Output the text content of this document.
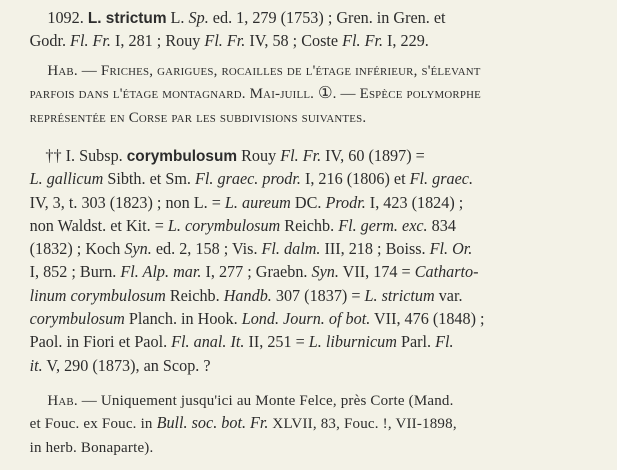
1092. L. strictum L. Sp. ed. 1, 279 (1753) ; Gren. in Gren. et
Godr. Fl. Fr. I, 281 ; Rouy Fl. Fr. IV, 58 ; Coste Fl. Fr. I, 229.
Hab. — Friches, garigues, rocailles de l'étage inférieur, s'élevant
parfois dans l'étage montagnard. Mai-juill. ①. — Espèce polymorphe
représentée en Corse par les subdivisions suivantes.
†† I. Subsp. corymbulosum Rouy Fl. Fr. IV, 60 (1897) =
L. gallicum Sibth. et Sm. Fl. graec. prodr. I, 216 (1806) et Fl. graec.
IV, 3, t. 303 (1823) ; non L. = L. aureum DC. Prodr. I, 423 (1824) ;
non Waldst. et Kit. = L. corymbulosum Reichb. Fl. germ. exc. 834
(1832) ; Koch Syn. ed. 2, 158 ; Vis. Fl. dalm. III, 218 ; Boiss. Fl. Or.
I, 852 ; Burn. Fl. Alp. mar. I, 277 ; Graebn. Syn. VII, 174 = Catharto-
linum corymbulosum Reichb. Handb. 307 (1837) = L. strictum var.
corymbulosum Planch. in Hook. Lond. Journ. of bot. VII, 476 (1848) ;
Paol. in Fiori et Paol. Fl. anal. It. II, 251 = L. liburnicum Parl. Fl.
it. V, 290 (1873), an Scop. ?
Hab. — Uniquement jusqu'ici au Monte Felce, près Corte (Mand.
et Fouc. ex Fouc. in Bull. soc. bot. Fr. XLVII, 83, Fouc. !, VII-1898,
in herb. Bonaparte).
